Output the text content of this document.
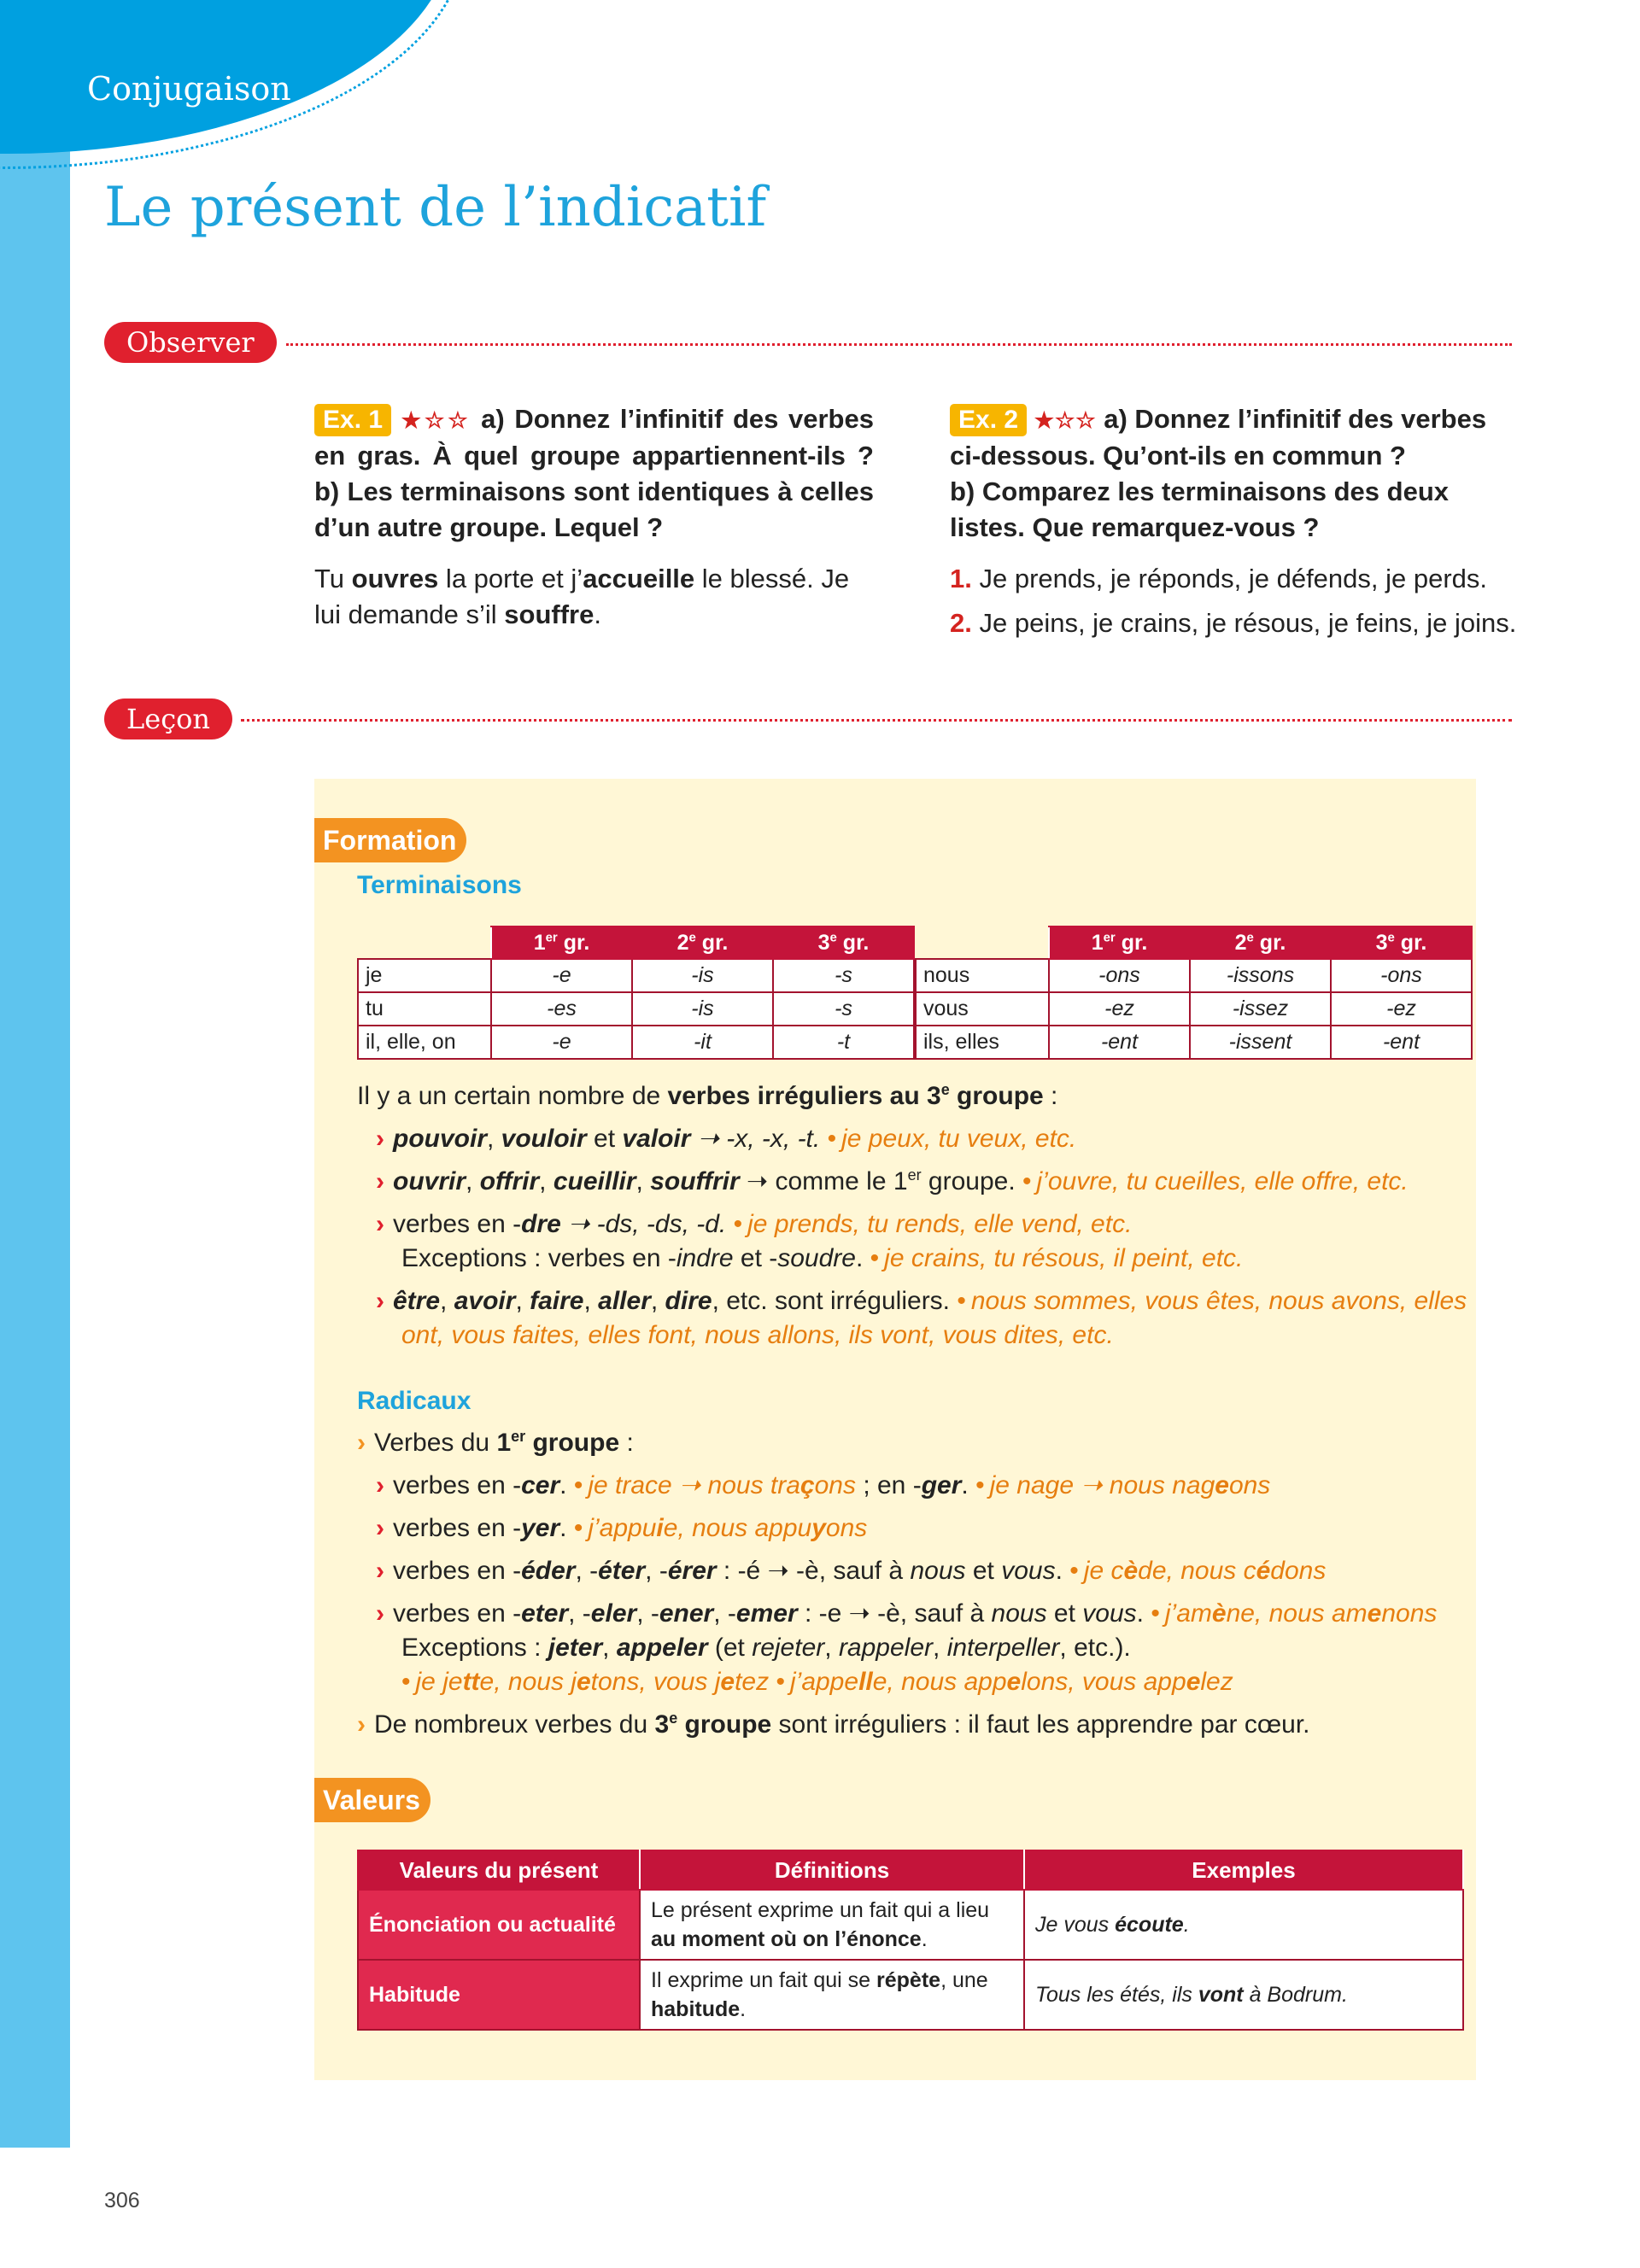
Conjugaison
Le présent de l’indicatif
Observer
Ex. 1 ★☆☆ a) Donnez l’infinitif des verbes en gras. À quel groupe appartiennent-ils ? b) Les terminaisons sont identiques à celles d’un autre groupe. Lequel ?

Tu ouvres la porte et j’accueille le blessé. Je lui demande s’il souffre.

Ex. 2 ★☆☆ a) Donnez l’infinitif des verbes ci-dessous. Qu’ont-ils en commun ?
b) Comparez les terminaisons des deux listes. Que remarquez-vous ?

1. Je prends, je réponds, je défends, je perds.

2. Je peins, je crains, je résous, je feins, je joins.

Leçon
Formation
Terminaisons
	1er gr.	2e gr.	3e gr.
je	-e	-is	-s
tu	-es	-is	-s
il, elle, on	-e	-it	-t
	1er gr.	2e gr.	3e gr.
nous	-ons	-issons	-ons
vous	-ez	-issez	-ez
ils, elles	-ent	-issent	-ent
Il y a un certain nombre de verbes irréguliers au 3e groupe :
› pouvoir, vouloir et valoir ➝ -x, -x, -t. • je peux, tu veux, etc.
› ouvrir, offrir, cueillir, souffrir ➝ comme le 1er groupe. • j’ouvre, tu cueilles, elle offre, etc.
› verbes en -dre ➝ -ds, -ds, -d. • je prends, tu rends, elle vend, etc.
Exceptions : verbes en -indre et -soudre. • je crains, tu résous, il peint, etc.
› être, avoir, faire, aller, dire, etc. sont irréguliers. • nous sommes, vous êtes, nous avons, elles
ont, vous faites, elles font, nous allons, ils vont, vous dites, etc.
Radicaux
› Verbes du 1er groupe :
› verbes en -cer. • je trace ➝ nous traçons ; en -ger. • je nage ➝ nous nageons
› verbes en -yer. • j’appuie, nous appuyons
› verbes en -éder, -éter, -érer : -é ➝ -è, sauf à nous et vous. • je cède, nous cédons
› verbes en -eter, -eler, -ener, -emer : -e ➝ -è, sauf à nous et vous. • j’amène, nous amenons
Exceptions : jeter, appeler (et rejeter, rappeler, interpeller, etc.).
• je jette, nous jetons, vous jetez • j’appelle, nous appelons, vous appelez
› De nombreux verbes du 3e groupe sont irréguliers : il faut les apprendre par cœur.
Valeurs
Valeurs du présent	Définitions	Exemples
Énonciation ou actualité	Le présent exprime un fait qui a lieu au moment où on l’énonce.	Je vous écoute.
Habitude	Il exprime un fait qui se répète, une habitude.	Tous les étés, ils vont à Bodrum.
306
